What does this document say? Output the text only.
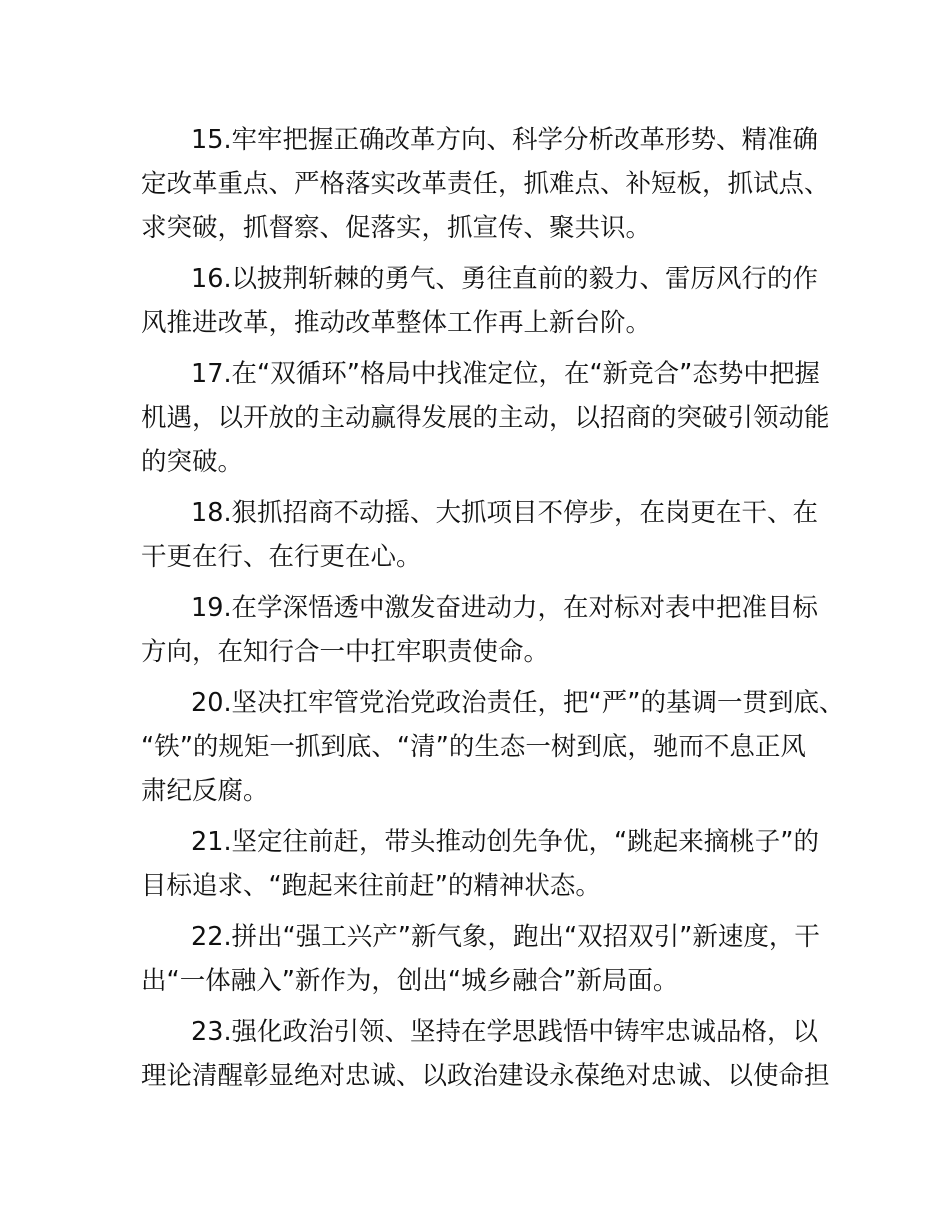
15.牢牢把握正确改革方向、科学分析改革形势、精准确
定改革重点、严格落实改革责任，抓难点、补短板，抓试点、
求突破，抓督察、促落实，抓宣传、聚共识。
16.以披荆斩棘的勇气、勇往直前的毅力、雷厉风行的作
风推进改革，推动改革整体工作再上新台阶。
17.在“双循环”格局中找准定位，在“新竞合”态势中把握
机遇，以开放的主动赢得发展的主动，以招商的突破引领动能
的突破。
18.狠抓招商不动摇、大抓项目不停步，在岗更在干、在
干更在行、在行更在心。
19.在学深悟透中激发奋进动力，在对标对表中把准目标
方向，在知行合一中扛牢职责使命。
20.坚决扛牢管党治党政治责任，把“严”的基调一贯到底、
“铁”的规矩一抓到底、“清”的生态一树到底，驰而不息正风
肃纪反腐。
21.坚定往前赶，带头推动创先争优，“跳起来摘桃子”的
目标追求、“跑起来往前赶”的精神状态。
22.拼出“强工兴产”新气象，跑出“双招双引”新速度，干
出“一体融入”新作为，创出“城乡融合”新局面。
23.强化政治引领、坚持在学思践悟中铸牢忠诚品格，以
理论清醒彰显绝对忠诚、以政治建设永葆绝对忠诚、以使命担
